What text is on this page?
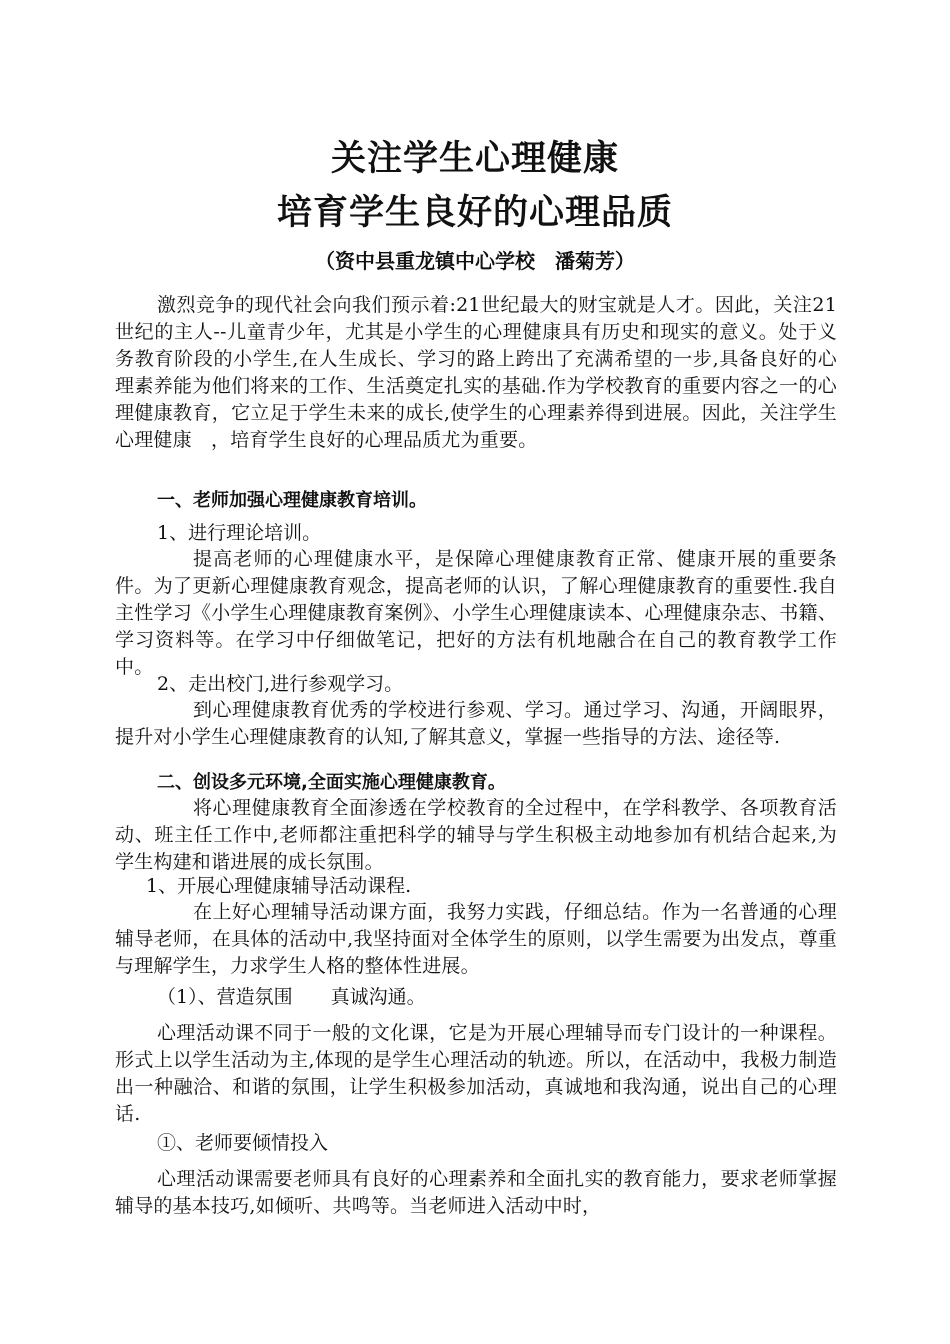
关注学生心理健康
培育学生良好的心理品质
（资中县重龙镇中心学校　潘菊芳）
激烈竞争的现代社会向我们预示着:21世纪最大的财宝就是人才。因此，关注21世纪的主人--儿童青少年，尤其是小学生的心理健康具有历史和现实的意义。处于义务教育阶段的小学生,在人生成长、学习的路上跨出了充满希望的一步,具备良好的心理素养能为他们将来的工作、生活奠定扎实的基础.作为学校教育的重要内容之一的心理健康教育，它立足于学生未来的成长,使学生的心理素养得到进展。因此，关注学生心理健康　，培育学生良好的心理品质尤为重要。
一、老师加强心理健康教育培训。
1、进行理论培训。
提高老师的心理健康水平，是保障心理健康教育正常、健康开展的重要条件。为了更新心理健康教育观念，提高老师的认识，了解心理健康教育的重要性.我自主性学习《小学生心理健康教育案例》、小学生心理健康读本、心理健康杂志、书籍、学习资料等。在学习中仔细做笔记，把好的方法有机地融合在自己的教育教学工作中。
2、走出校门,进行参观学习。
到心理健康教育优秀的学校进行参观、学习。通过学习、沟通，开阔眼界，提升对小学生心理健康教育的认知,了解其意义，掌握一些指导的方法、途径等.
二、创设多元环境,全面实施心理健康教育。
将心理健康教育全面渗透在学校教育的全过程中，在学科教学、各项教育活动、班主任工作中,老师都注重把科学的辅导与学生积极主动地参加有机结合起来,为学生构建和谐进展的成长氛围。
1、开展心理健康辅导活动课程.
在上好心理辅导活动课方面，我努力实践，仔细总结。作为一名普通的心理辅导老师，在具体的活动中,我坚持面对全体学生的原则，以学生需要为出发点，尊重与理解学生，力求学生人格的整体性进展。
（1）、营造氛围　　真诚沟通。
心理活动课不同于一般的文化课，它是为开展心理辅导而专门设计的一种课程。形式上以学生活动为主,体现的是学生心理活动的轨迹。所以，在活动中，我极力制造出一种融洽、和谐的氛围，让学生积极参加活动，真诚地和我沟通，说出自己的心理话.
①、老师要倾情投入
心理活动课需要老师具有良好的心理素养和全面扎实的教育能力，要求老师掌握辅导的基本技巧,如倾听、共鸣等。当老师进入活动中时，
